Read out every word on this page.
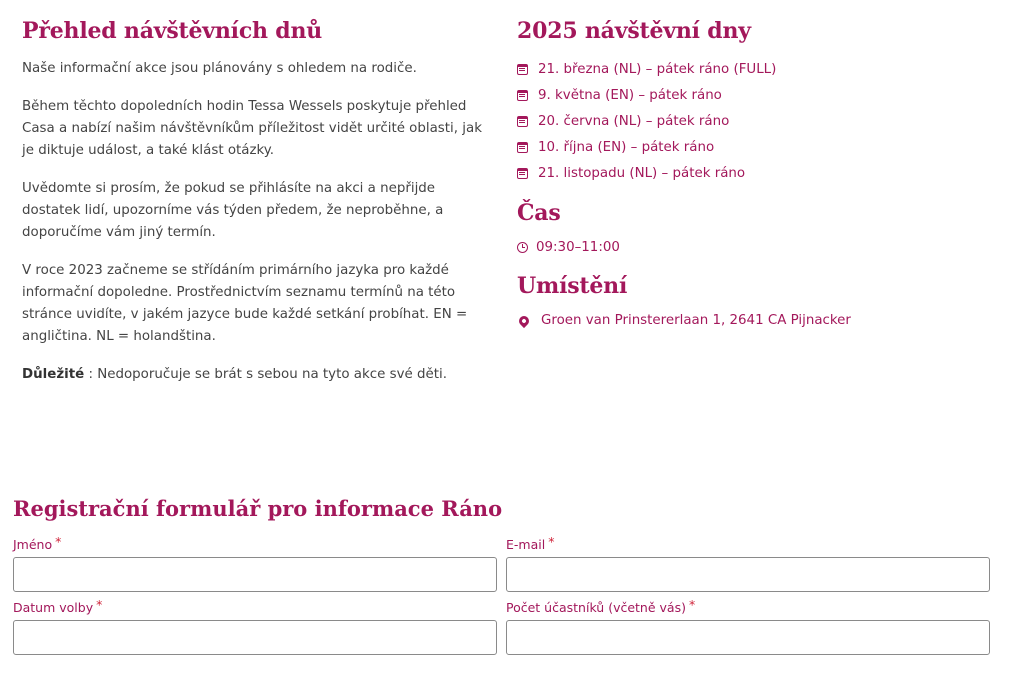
Přehled návštěvních dnů

Naše informační akce jsou plánovány s ohledem na rodiče.

Během těchto dopoledních hodin Tessa Wessels poskytuje přehled Casa a nabízí našim návštěvníkům příležitost vidět určité oblasti, jak je diktuje událost, a také klást otázky.

Uvědomte si prosím, že pokud se přihlásíte na akci a nepřijde dostatek lidí, upozorníme vás týden předem, že neproběhne, a doporučíme vám jiný termín.

V roce 2023 začneme se střídáním primárního jazyka pro každé informační dopoledne. Prostřednictvím seznamu termínů na této stránce uvidíte, v jakém jazyce bude každé setkání probíhat. EN = angličtina. NL = holandština.

Důležité : Nedoporučuje se brát s sebou na tyto akce své děti.

2025 návštěvní dny
21. března (NL) – pátek ráno (FULL)
9. května (EN) – pátek ráno
20. června (NL) – pátek ráno
10. října (EN) – pátek ráno
21. listopadu (NL) – pátek ráno
Čas
09:30–11:00
Umístění
Groen van Prinstererlaan 1, 2641 CA Pijnacker
Registrační formulář pro informace Ráno
Jméno *	E-mail *
Datum volby *	Počet účastníků (včetně vás) *
